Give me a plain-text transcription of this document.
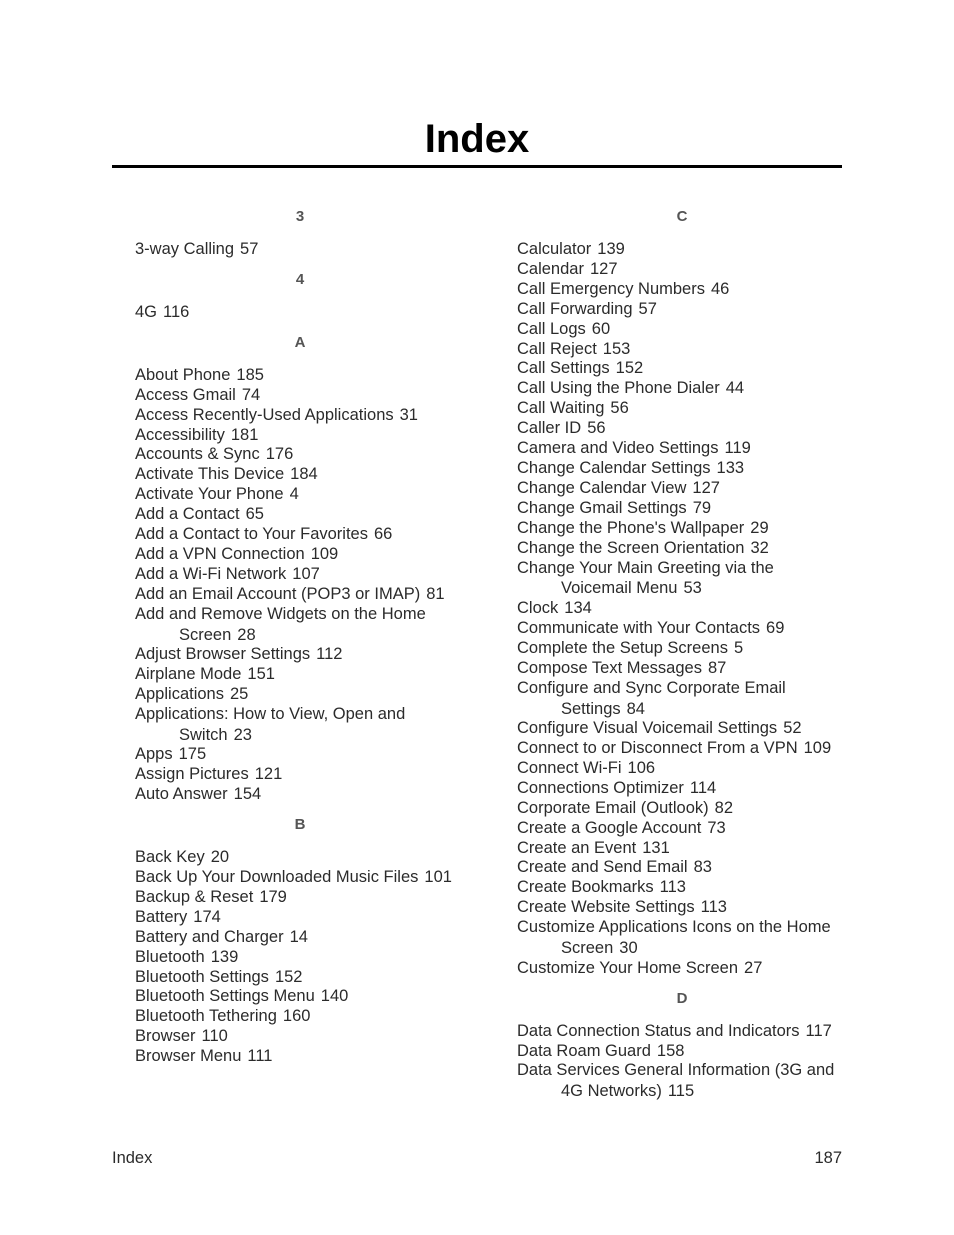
Index
3
3-way Calling 57
4
4G 116
A
About Phone 185
Access Gmail 74
Access Recently-Used Applications 31
Accessibility 181
Accounts & Sync 176
Activate This Device 184
Activate Your Phone 4
Add a Contact 65
Add a Contact to Your Favorites 66
Add a VPN Connection 109
Add a Wi-Fi Network 107
Add an Email Account (POP3 or IMAP) 81
Add and Remove Widgets on the Home
Screen 28
Adjust Browser Settings 112
Airplane Mode 151
Applications 25
Applications: How to View, Open and
Switch 23
Apps 175
Assign Pictures 121
Auto Answer 154
B
Back Key 20
Back Up Your Downloaded Music Files 101
Backup & Reset 179
Battery 174
Battery and Charger 14
Bluetooth 139
Bluetooth Settings 152
Bluetooth Settings Menu 140
Bluetooth Tethering 160
Browser 110
Browser Menu 111
C
Calculator 139
Calendar 127
Call Emergency Numbers 46
Call Forwarding 57
Call Logs 60
Call Reject 153
Call Settings 152
Call Using the Phone Dialer 44
Call Waiting 56
Caller ID 56
Camera and Video Settings 119
Change Calendar Settings 133
Change Calendar View 127
Change Gmail Settings 79
Change the Phone's Wallpaper 29
Change the Screen Orientation 32
Change Your Main Greeting via the
Voicemail Menu 53
Clock 134
Communicate with Your Contacts 69
Complete the Setup Screens 5
Compose Text Messages 87
Configure and Sync Corporate Email
Settings 84
Configure Visual Voicemail Settings 52
Connect to or Disconnect From a VPN 109
Connect Wi-Fi 106
Connections Optimizer 114
Corporate Email (Outlook) 82
Create a Google Account 73
Create an Event 131
Create and Send Email 83
Create Bookmarks 113
Create Website Settings 113
Customize Applications Icons on the Home
Screen 30
Customize Your Home Screen 27
D
Data Connection Status and Indicators 117
Data Roam Guard 158
Data Services General Information (3G and
4G Networks) 115
Index	187
